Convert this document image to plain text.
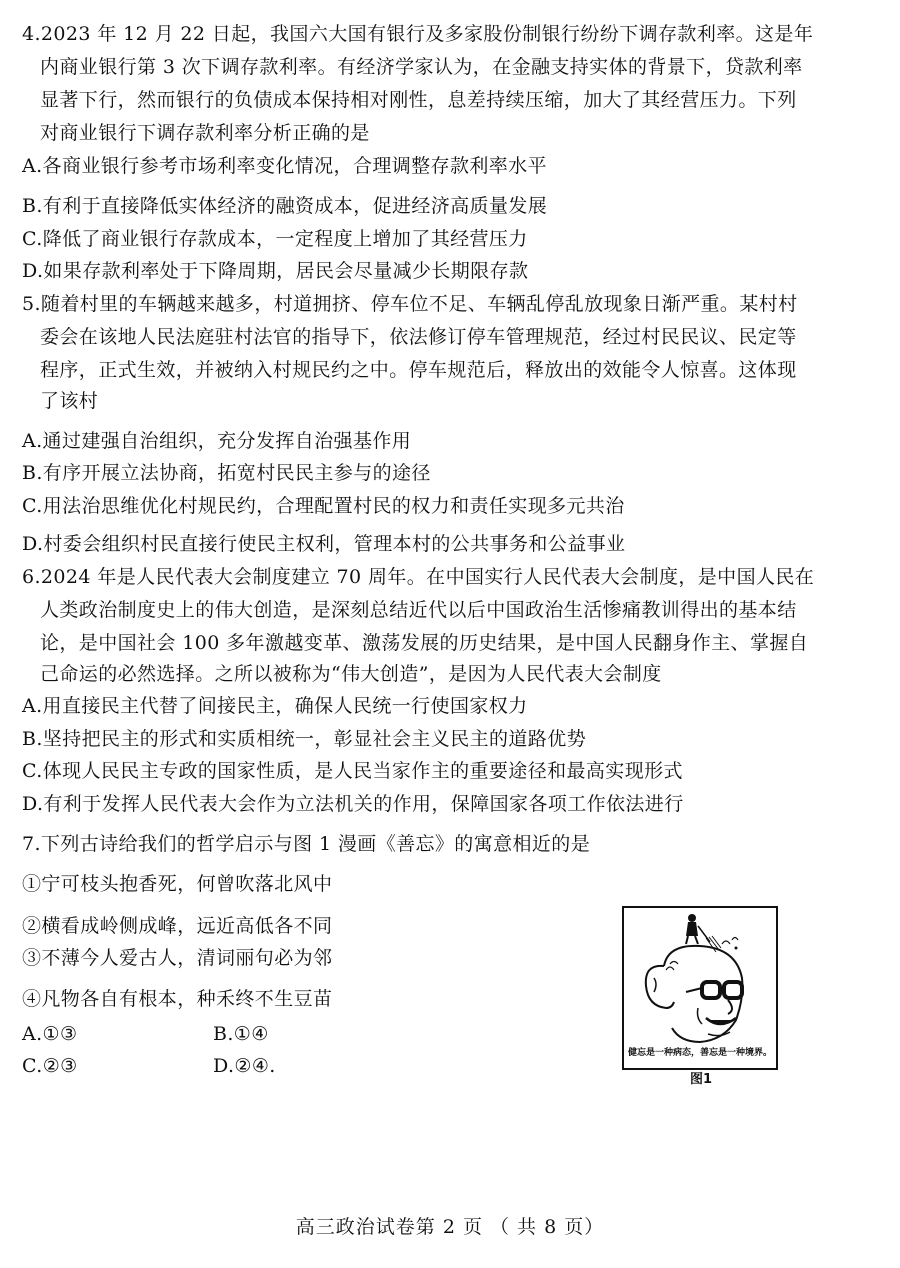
4.2023 年 12 月 22 日起，我国六大国有银行及多家股份制银行纷纷下调存款利率。这是年
内商业银行第 3 次下调存款利率。有经济学家认为，在金融支持实体的背景下，贷款利率
显著下行，然而银行的负债成本保持相对刚性，息差持续压缩，加大了其经营压力。下列
对商业银行下调存款利率分析正确的是
A.各商业银行参考市场利率变化情况，合理调整存款利率水平
B.有利于直接降低实体经济的融资成本，促进经济高质量发展
C.降低了商业银行存款成本，一定程度上增加了其经营压力
D.如果存款利率处于下降周期，居民会尽量减少长期限存款
5.随着村里的车辆越来越多，村道拥挤、停车位不足、车辆乱停乱放现象日渐严重。某村村
委会在该地人民法庭驻村法官的指导下，依法修订停车管理规范，经过村民民议、民定等
程序，正式生效，并被纳入村规民约之中。停车规范后，释放出的效能令人惊喜。这体现
了该村
A.通过建强自治组织，充分发挥自治强基作用
B.有序开展立法协商，拓宽村民民主参与的途径
C.用法治思维优化村规民约，合理配置村民的权力和责任实现多元共治
D.村委会组织村民直接行使民主权利，管理本村的公共事务和公益事业
6.2024 年是人民代表大会制度建立 70 周年。在中国实行人民代表大会制度，是中国人民在
人类政治制度史上的伟大创造，是深刻总结近代以后中国政治生活惨痛教训得出的基本结
论，是中国社会 100 多年激越变革、激荡发展的历史结果，是中国人民翻身作主、掌握自
己命运的必然选择。之所以被称为“伟大创造”，是因为人民代表大会制度
A.用直接民主代替了间接民主，确保人民统一行使国家权力
B.坚持把民主的形式和实质相统一，彰显社会主义民主的道路优势
C.体现人民民主专政的国家性质，是人民当家作主的重要途径和最高实现形式
D.有利于发挥人民代表大会作为立法机关的作用，保障国家各项工作依法进行
7.下列古诗给我们的哲学启示与图 1 漫画《善忘》的寓意相近的是
①宁可枝头抱香死，何曾吹落北风中
②横看成岭侧成峰，远近高低各不同
③不薄今人爱古人，清词丽句必为邻
④凡物各自有根本，种禾终不生豆苗
A.①③	B.①④
C.②③	D.②④.
健忘是一种病态，善忘是一种境界。
图1
高三政治试卷第 2 页 （ 共 8 页）
